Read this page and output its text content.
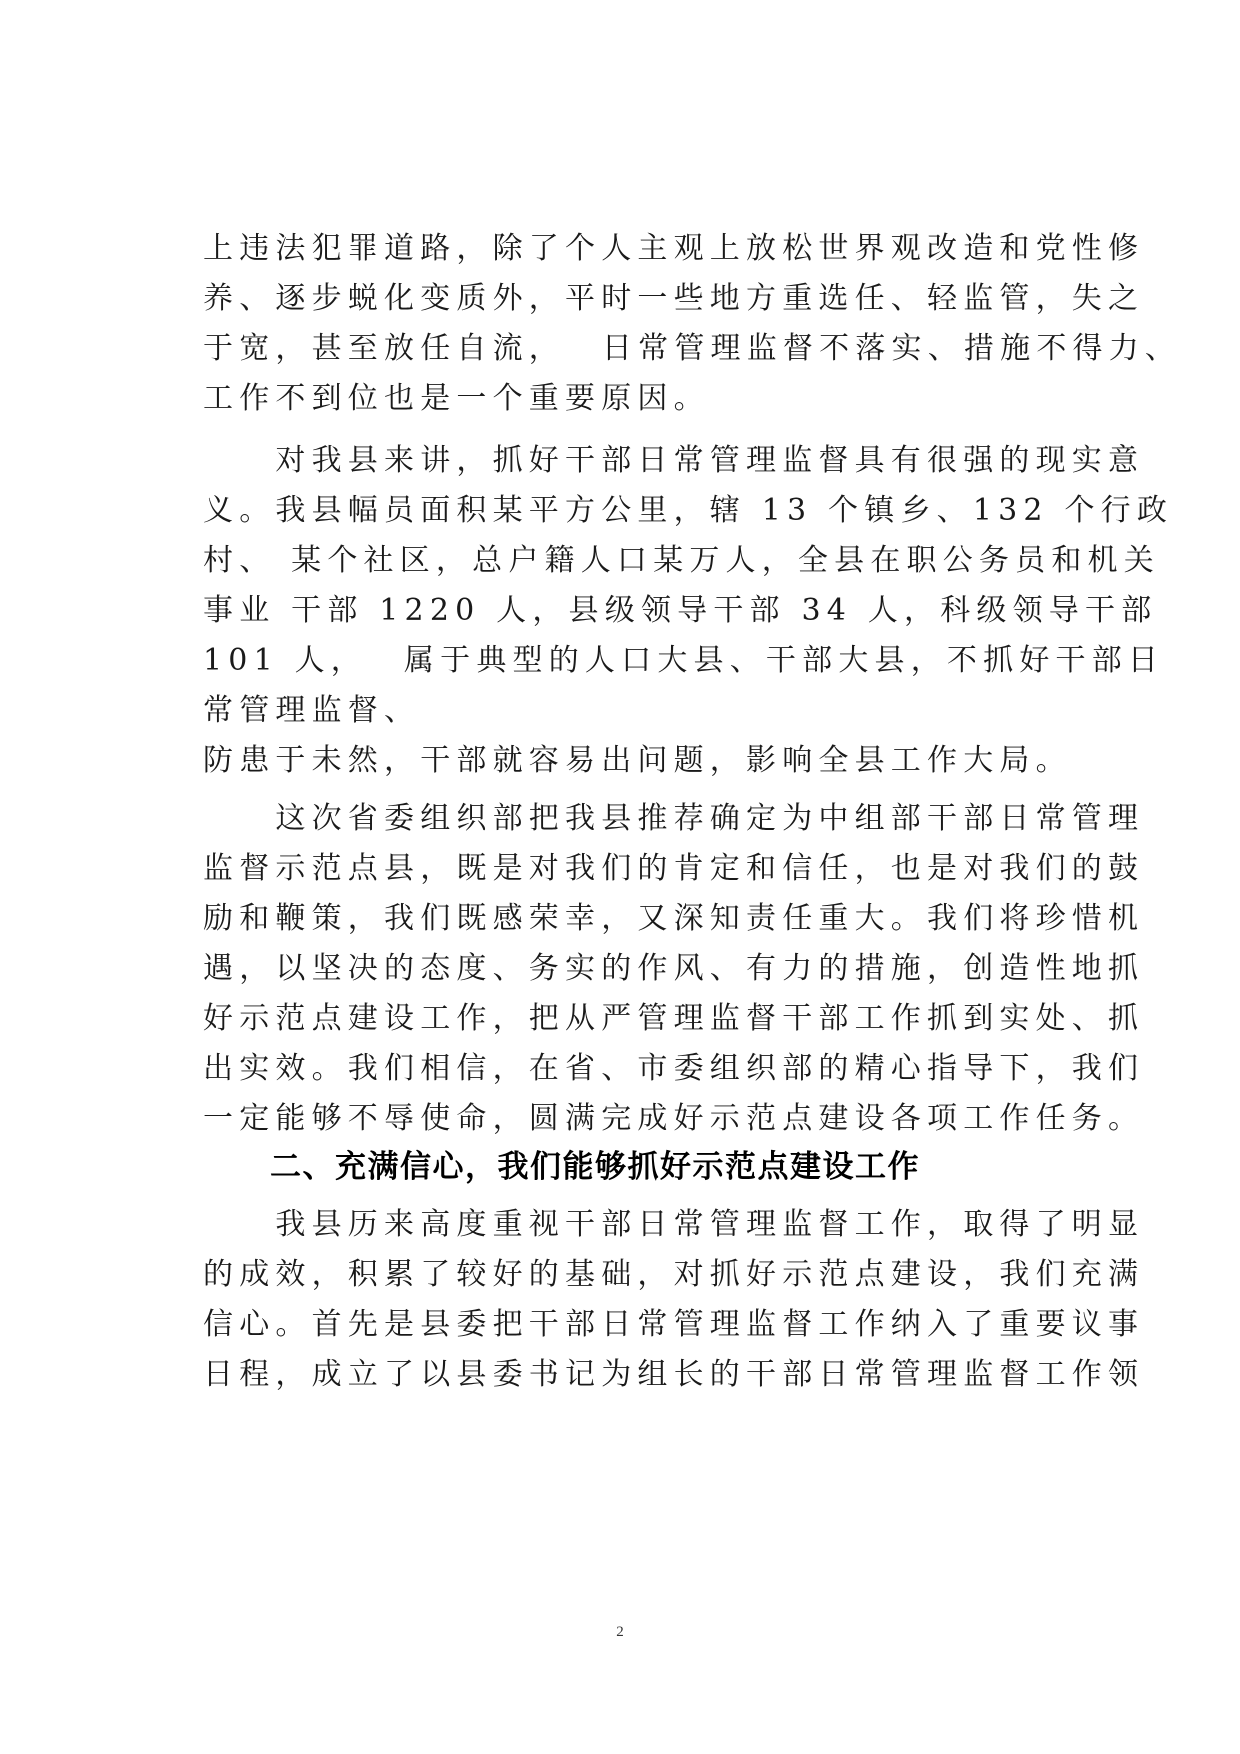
上违法犯罪道路，除了个人主观上放松世界观改造和党性修

养、逐步蜕化变质外，平时一些地方重选任、轻监管，失之

于宽，甚至放任自流，　 日常管理监督不落实、措施不得力、

工作不到位也是一个重要原因。

　　对我县来讲，抓好干部日常管理监督具有很强的现实意

义。我县幅员面积某平方公里，辖 13 个镇乡、132 个行政

村、 某个社区，总户籍人口某万人，全县在职公务员和机关

事业 干部 1220 人，县级领导干部 34 人，科级领导干部

101 人，　 属于典型的人口大县、干部大县，不抓好干部日

常管理监督、

防患于未然，干部就容易出问题，影响全县工作大局。

　　这次省委组织部把我县推荐确定为中组部干部日常管理

监督示范点县，既是对我们的肯定和信任，也是对我们的鼓

励和鞭策，我们既感荣幸，又深知责任重大。我们将珍惜机

遇，以坚决的态度、务实的作风、有力的措施，创造性地抓

好示范点建设工作，把从严管理监督干部工作抓到实处、抓

出实效。我们相信，在省、市委组织部的精心指导下，我们

一定能够不辱使命，圆满完成好示范点建设各项工作任务。

二、充满信心，我们能够抓好示范点建设工作

　　我县历来高度重视干部日常管理监督工作，取得了明显

的成效，积累了较好的基础，对抓好示范点建设，我们充满

信心。首先是县委把干部日常管理监督工作纳入了重要议事

日程，成立了以县委书记为组长的干部日常管理监督工作领

2
